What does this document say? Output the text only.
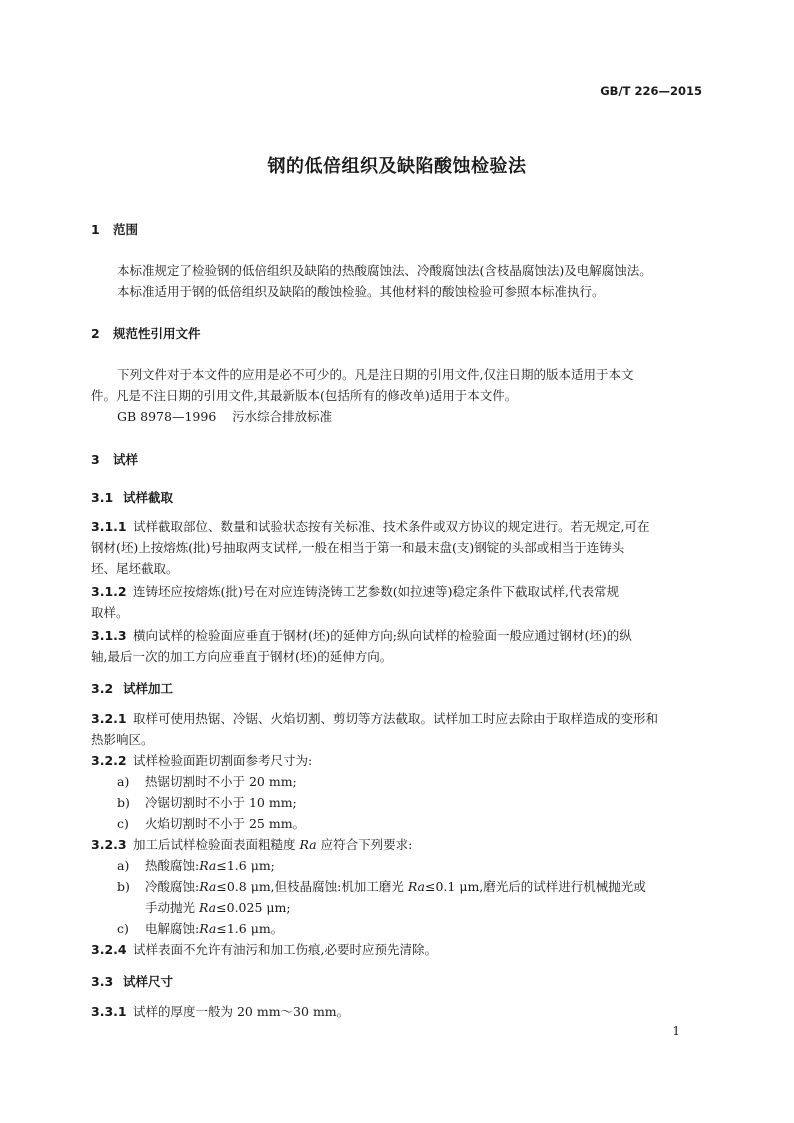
GB/T 226—2015
钢的低倍组织及缺陷酸蚀检验法
1 范围
本标准规定了检验钢的低倍组织及缺陷的热酸腐蚀法、冷酸腐蚀法(含枝晶腐蚀法)及电解腐蚀法。
本标准适用于钢的低倍组织及缺陷的酸蚀检验。其他材料的酸蚀检验可参照本标准执行。
2 规范性引用文件
下列文件对于本文件的应用是必不可少的。凡是注日期的引用文件,仅注日期的版本适用于本文
件。凡是不注日期的引用文件,其最新版本(包括所有的修改单)适用于本文件。
GB 8978—1996    污水综合排放标准
3 试样
3.1 试样截取
3.1.1 试样截取部位、数量和试验状态按有关标准、技术条件或双方协议的规定进行。若无规定,可在
钢材(坯)上按熔炼(批)号抽取两支试样,一般在相当于第一和最末盘(支)钢锭的头部或相当于连铸头
坯、尾坯截取。
3.1.2 连铸坯应按熔炼(批)号在对应连铸浇铸工艺参数(如拉速等)稳定条件下截取试样,代表常规
取样。
3.1.3 横向试样的检验面应垂直于钢材(坯)的延伸方向;纵向试样的检验面一般应通过钢材(坯)的纵
轴,最后一次的加工方向应垂直于钢材(坯)的延伸方向。
3.2 试样加工
3.2.1 取样可使用热锯、冷锯、火焰切割、剪切等方法截取。试样加工时应去除由于取样造成的变形和
热影响区。
3.2.2 试样检验面距切割面参考尺寸为:
a) 热锯切割时不小于 20 mm;
b) 冷锯切割时不小于 10 mm;
c) 火焰切割时不小于 25 mm。
3.2.3 加工后试样检验面表面粗糙度 Ra 应符合下列要求:
a) 热酸腐蚀:Ra≤1.6 μm;
b) 冷酸腐蚀:Ra≤0.8 μm,但枝晶腐蚀:机加工磨光 Ra≤0.1 μm,磨光后的试样进行机械抛光或
手动抛光 Ra≤0.025 μm;
c) 电解腐蚀:Ra≤1.6 μm。
3.2.4 试样表面不允许有油污和加工伤痕,必要时应预先清除。
3.3 试样尺寸
3.3.1 试样的厚度一般为 20 mm～30 mm。
1
